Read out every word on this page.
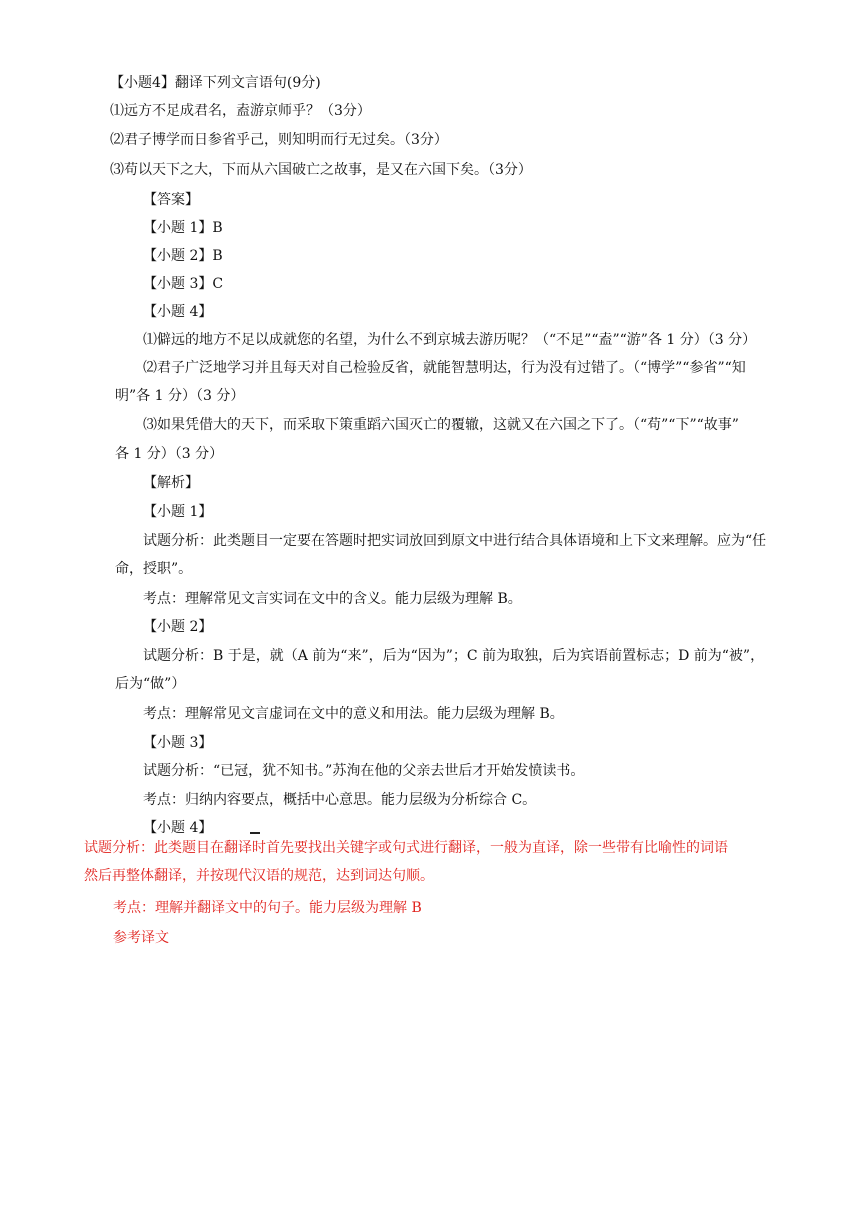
【小题4】翻译下列文言语句(9分)
⑴远方不足成君名，盍游京师乎？（3分）
⑵君子博学而日参省乎己，则知明而行无过矣。（3分）
⑶苟以天下之大，下而从六国破亡之故事，是又在六国下矣。（3分）
【答案】
【小题 1】B
【小题 2】B
【小题 3】C
【小题 4】
⑴僻远的地方不足以成就您的名望，为什么不到京城去游历呢？（“不足”“盍”“游”各 1 分）（3 分）
⑵君子广泛地学习并且每天对自己检验反省，就能智慧明达，行为没有过错了。（“博学”“参省”“知
明”各 1 分）（3 分）
⑶如果凭借大的天下，而采取下策重蹈六国灭亡的覆辙，这就又在六国之下了。（“苟”“下”“故事”
各 1 分）（3 分）
【解析】
【小题 1】
试题分析：此类题目一定要在答题时把实词放回到原文中进行结合具体语境和上下文来理解。应为“任
命，授职”。
考点：理解常见文言实词在文中的含义。能力层级为理解 B。
【小题 2】
试题分析：B 于是，就（A 前为“来”，后为“因为”；C 前为取独，后为宾语前置标志；D 前为“被”，
后为“做”）
考点：理解常见文言虚词在文中的意义和用法。能力层级为理解 B。
【小题 3】
试题分析：“已冠，犹不知书。”苏洵在他的父亲去世后才开始发愤读书。
考点：归纳内容要点，概括中心意思。能力层级为分析综合 C。
【小题 4】
试题分析：此类题目在翻译时首先要找出关键字或句式进行翻译，一般为直译，除一些带有比喻性的词语
然后再整体翻译，并按现代汉语的规范，达到词达句顺。
考点：理解并翻译文中的句子。能力层级为理解 B
参考译文
